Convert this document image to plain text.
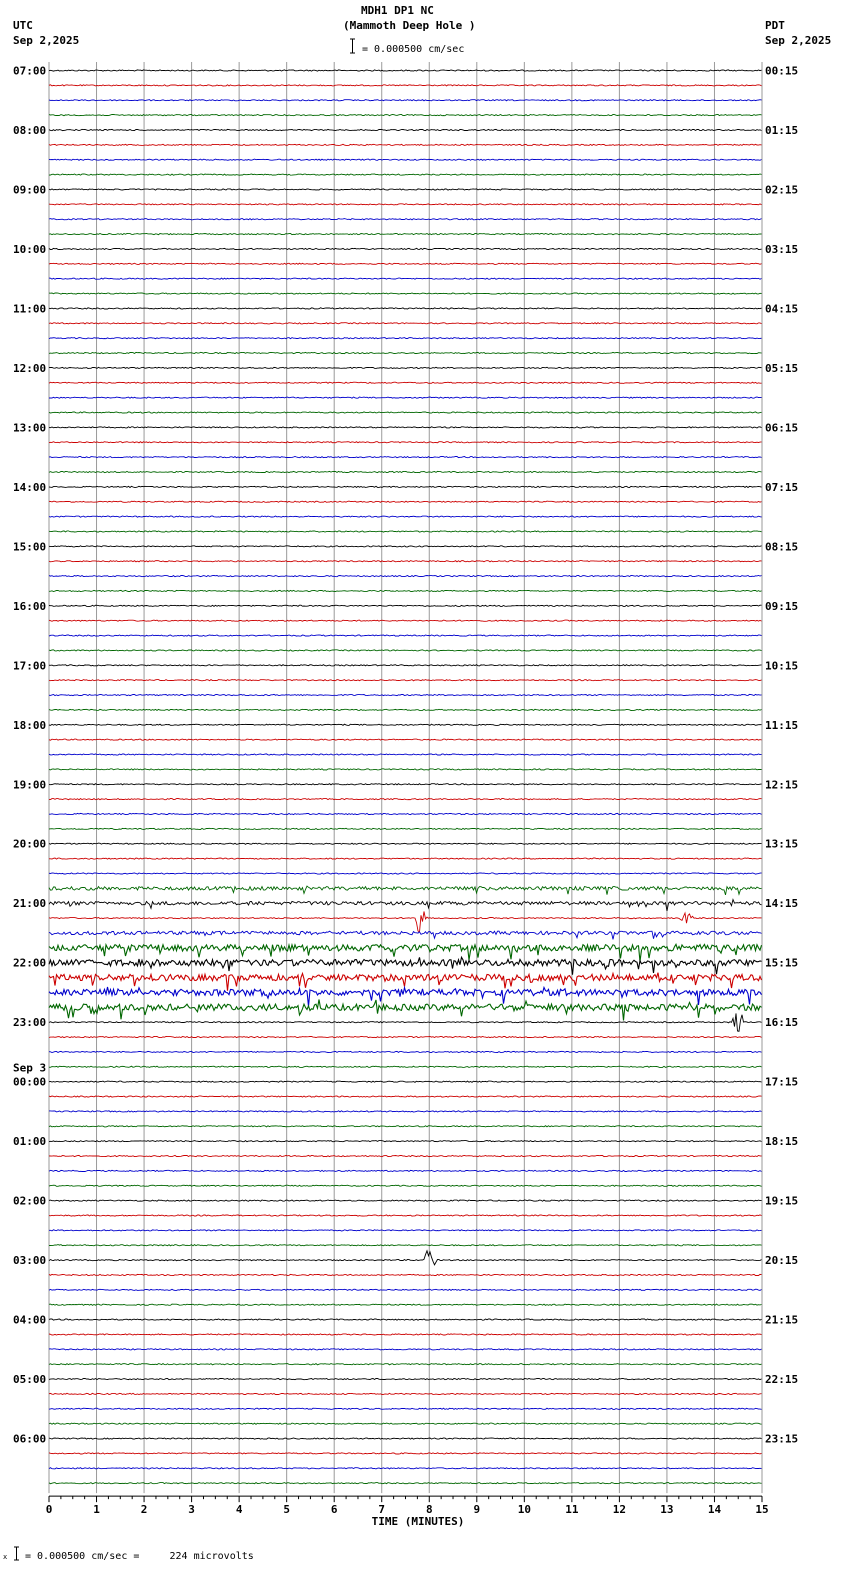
MDH1 DP1 NC
(Mammoth Deep Hole )
= 0.000500 cm/sec
UTC
Sep 2,2025
PDT
Sep 2,2025
07:00
08:00
09:00
10:00
11:00
12:00
13:00
14:00
15:00
16:00
17:00
18:00
19:00
20:00
21:00
22:00
23:00
00:00
01:00
02:00
03:00
04:00
05:00
06:00
Sep 3
00:15
01:15
02:15
03:15
04:15
05:15
06:15
07:15
08:15
09:15
10:15
11:15
12:15
13:15
14:15
15:15
16:15
17:15
18:15
19:15
20:15
21:15
22:15
23:15
0	1	2	3	4	5	6	7	8	9	10	11	12	13	14	15
TIME (MINUTES)
x = 0.000500 cm/sec =     224 microvolts
